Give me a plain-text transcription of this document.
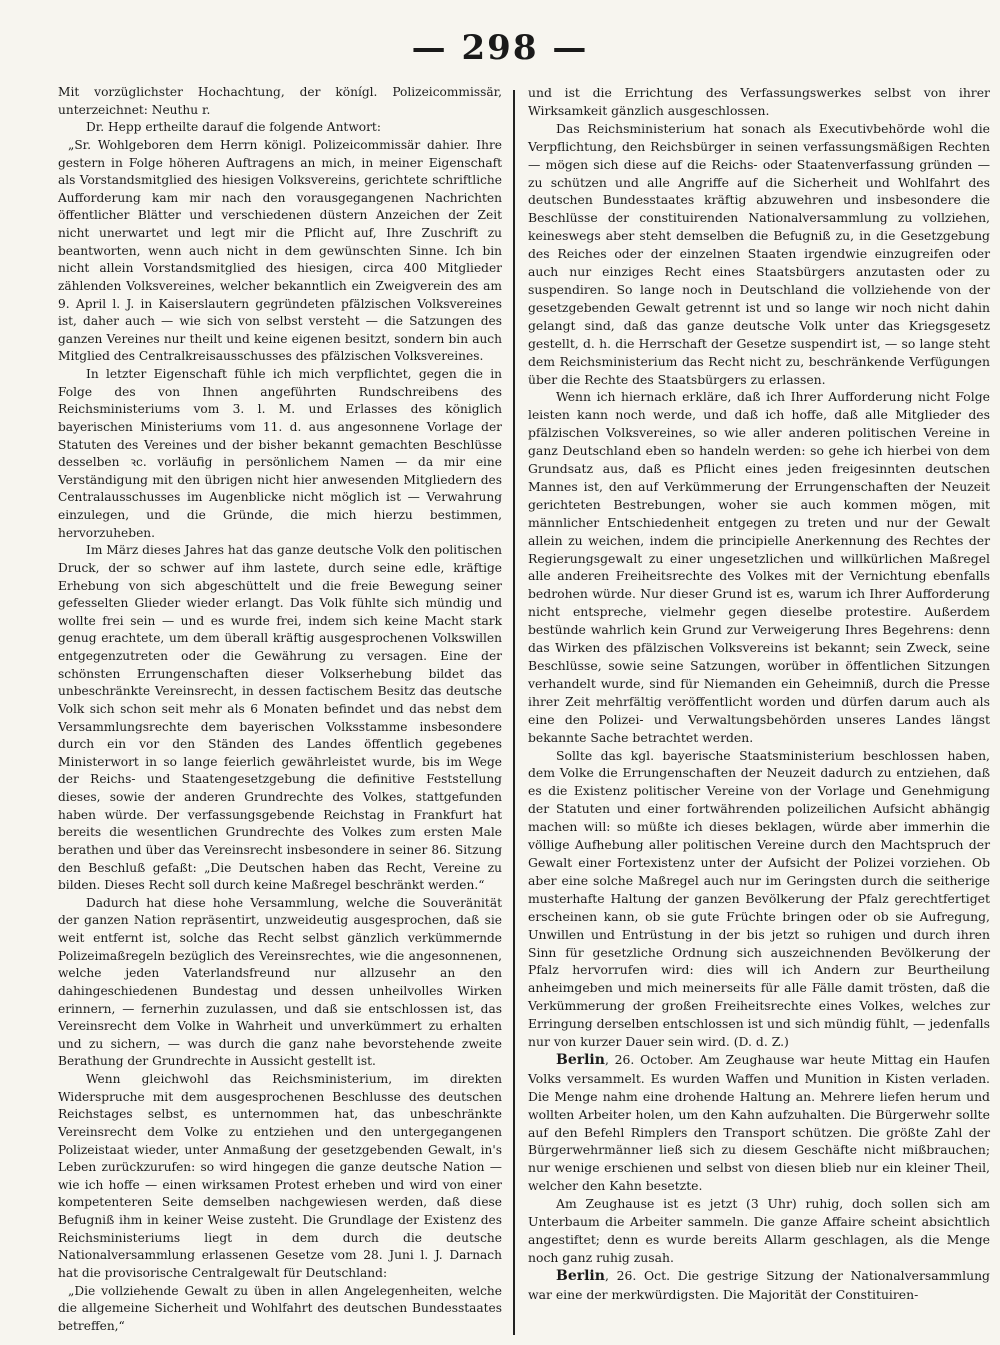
— 298 —

Mit vorzüglichster Hochachtung, der könígl. Polizeicommissär, unterzeichnet: Neuthu r.

Dr. Hepp ertheilte darauf die folgende Antwort:

„Sr. Wohlgeboren dem Herrn königl. Polizeicommissär dahier. Ihre gestern in Folge höheren Auftragens an mich, in meiner Eigenschaft als Vorstandsmitglied des hiesigen Volksvereins, gerichtete schriftliche Aufforderung kam mir nach den vorausgegangenen Nachrichten öffentlicher Blätter und verschiedenen düstern Anzeichen der Zeit nicht unerwartet und legt mir die Pflicht auf, Ihre Zuschrift zu beantworten, wenn auch nicht in dem gewünschten Sinne. Ich bin nicht allein Vorstandsmitglied des hiesigen, circa 400 Mitglieder zählenden Volksvereines, welcher bekanntlich ein Zweigverein des am 9. April l. J. in Kaiserslautern gegründeten pfälzischen Volksvereines ist, daher auch — wie sich von selbst versteht — die Satzungen des ganzen Vereines nur theilt und keine eigenen besitzt, sondern bin auch Mitglied des Centralkreisausschusses des pfälzischen Volksvereines.

In letzter Eigenschaft fühle ich mich verpflichtet, gegen die in Folge des von Ihnen angeführten Rundschreibens des Reichsministeriums vom 3. l. M. und Erlasses des königlich bayerischen Ministeriums vom 11. d. aus angesonnene Vorlage der Statuten des Vereines und der bisher bekannt gemachten Beschlüsse desselben ꝛc. vorläufig in persönlichem Namen — da mir eine Verständigung mit den übrigen nicht hier anwesenden Mitgliedern des Centralausschusses im Augenblicke nicht möglich ist — Verwahrung einzulegen, und die Gründe, die mich hierzu bestimmen, hervorzuheben.

Im März dieses Jahres hat das ganze deutsche Volk den politischen Druck, der so schwer auf ihm lastete, durch seine edle, kräftige Erhebung von sich abgeschüttelt und die freie Bewegung seiner gefesselten Glieder wieder erlangt. Das Volk fühlte sich mündig und wollte frei sein — und es wurde frei, indem sich keine Macht stark genug erachtete, um dem überall kräftig ausgesprochenen Volkswillen entgegenzutreten oder die Gewährung zu versagen. Eine der schönsten Errungenschaften dieser Volkserhebung bildet das unbeschränkte Vereinsrecht, in dessen factischem Besitz das deutsche Volk sich schon seit mehr als 6 Monaten befindet und das nebst dem Versammlungsrechte dem bayerischen Volksstamme insbesondere durch ein vor den Ständen des Landes öffentlich gegebenes Ministerwort in so lange feierlich gewährleistet wurde, bis im Wege der Reichs- und Staatengesetzgebung die definitive Feststellung dieses, sowie der anderen Grundrechte des Volkes, stattgefunden haben würde. Der verfassungsgebende Reichstag in Frankfurt hat bereits die wesentlichen Grundrechte des Volkes zum ersten Male berathen und über das Vereinsrecht insbesondere in seiner 86. Sitzung den Beschluß gefaßt: „Die Deutschen haben das Recht, Vereine zu bilden. Dieses Recht soll durch keine Maßregel beschränkt werden.“

Dadurch hat diese hohe Versammlung, welche die Souveränität der ganzen Nation repräsentirt, unzweideutig ausgesprochen, daß sie weit entfernt ist, solche das Recht selbst gänzlich verkümmernde Polizeimaßregeln bezüglich des Vereinsrechtes, wie die angesonnenen, welche jeden Vaterlandsfreund nur allzusehr an den dahingeschiedenen Bundestag und dessen unheilvolles Wirken erinnern, — fernerhin zuzulassen, und daß sie entschlossen ist, das Vereinsrecht dem Volke in Wahrheit und unverkümmert zu erhalten und zu sichern, — was durch die ganz nahe bevorstehende zweite Berathung der Grundrechte in Aussicht gestellt ist.

Wenn gleichwohl das Reichsministerium, im direkten Widerspruche mit dem ausgesprochenen Beschlusse des deutschen Reichstages selbst, es unternommen hat, das unbeschränkte Vereinsrecht dem Volke zu entziehen und den untergegangenen Polizeistaat wieder, unter Anmaßung der gesetzgebenden Gewalt, in's Leben zurückzurufen: so wird hingegen die ganze deutsche Nation — wie ich hoffe — einen wirksamen Protest erheben und wird von einer kompetenteren Seite demselben nachgewiesen werden, daß diese Befugniß ihm in keiner Weise zusteht. Die Grundlage der Existenz des Reichsministeriums liegt in dem durch die deutsche Nationalversammlung erlassenen Gesetze vom 28. Juni l. J. Darnach hat die provisorische Centralgewalt für Deutschland:

„Die vollziehende Gewalt zu üben in allen Angelegenheiten, welche die allgemeine Sicherheit und Wohlfahrt des deutschen Bundesstaates betreffen,“

und ist die Errichtung des Verfassungswerkes selbst von ihrer Wirksamkeit gänzlich ausgeschlossen.

Das Reichsministerium hat sonach als Executivbehörde wohl die Verpflichtung, den Reichsbürger in seinen verfassungsmäßigen Rechten — mögen sich diese auf die Reichs- oder Staatenverfassung gründen — zu schützen und alle Angriffe auf die Sicherheit und Wohlfahrt des deutschen Bundesstaates kräftig abzuwehren und insbesondere die Beschlüsse der constituirenden Nationalversammlung zu vollziehen, keineswegs aber steht demselben die Befugniß zu, in die Gesetzgebung des Reiches oder der einzelnen Staaten irgendwie einzugreifen oder auch nur einziges Recht eines Staatsbürgers anzutasten oder zu suspendiren. So lange noch in Deutschland die vollziehende von der gesetzgebenden Gewalt getrennt ist und so lange wir noch nicht dahin gelangt sind, daß das ganze deutsche Volk unter das Kriegsgesetz gestellt, d. h. die Herrschaft der Gesetze suspendirt ist, — so lange steht dem Reichsministerium das Recht nicht zu, beschränkende Verfügungen über die Rechte des Staatsbürgers zu erlassen.

Wenn ich hiernach erkläre, daß ich Ihrer Aufforderung nicht Folge leisten kann noch werde, und daß ich hoffe, daß alle Mitglieder des pfälzischen Volksvereines, so wie aller anderen politischen Vereine in ganz Deutschland eben so handeln werden: so gehe ich hierbei von dem Grundsatz aus, daß es Pflicht eines jeden freigesinnten deutschen Mannes ist, den auf Verkümmerung der Errungenschaften der Neuzeit gerichteten Bestrebungen, woher sie auch kommen mögen, mit männlicher Entschiedenheit entgegen zu treten und nur der Gewalt allein zu weichen, indem die principielle Anerkennung des Rechtes der Regierungsgewalt zu einer ungesetzlichen und willkürlichen Maßregel alle anderen Freiheitsrechte des Volkes mit der Vernichtung ebenfalls bedrohen würde. Nur dieser Grund ist es, warum ich Ihrer Aufforderung nicht entspreche, vielmehr gegen dieselbe protestire. Außerdem bestünde wahrlich kein Grund zur Verweigerung Ihres Begehrens: denn das Wirken des pfälzischen Volksvereins ist bekannt; sein Zweck, seine Beschlüsse, sowie seine Satzungen, worüber in öffentlichen Sitzungen verhandelt wurde, sind für Niemanden ein Geheimniß, durch die Presse ihrer Zeit mehrfältig veröffentlicht worden und dürfen darum auch als eine den Polizei- und Verwaltungsbehörden unseres Landes längst bekannte Sache betrachtet werden.

Sollte das kgl. bayerische Staatsministerium beschlossen haben, dem Volke die Errungenschaften der Neuzeit dadurch zu entziehen, daß es die Existenz politischer Vereine von der Vorlage und Genehmigung der Statuten und einer fortwährenden polizeilichen Aufsicht abhängig machen will: so müßte ich dieses beklagen, würde aber immerhin die völlige Aufhebung aller politischen Vereine durch den Machtspruch der Gewalt einer Fortexistenz unter der Aufsicht der Polizei vorziehen. Ob aber eine solche Maßregel auch nur im Geringsten durch die seitherige musterhafte Haltung der ganzen Bevölkerung der Pfalz gerechtfertiget erscheinen kann, ob sie gute Früchte bringen oder ob sie Aufregung, Unwillen und Entrüstung in der bis jetzt so ruhigen und durch ihren Sinn für gesetzliche Ordnung sich auszeichnenden Bevölkerung der Pfalz hervorrufen wird: dies will ich Andern zur Beurtheilung anheimgeben und mich meinerseits für alle Fälle damit trösten, daß die Verkümmerung der großen Freiheitsrechte eines Volkes, welches zur Erringung derselben entschlossen ist und sich mündig fühlt, — jedenfalls nur von kurzer Dauer sein wird. (D. d. Z.)

Berlin, 26. October. Am Zeughause war heute Mittag ein Haufen Volks versammelt. Es wurden Waffen und Munition in Kisten verladen. Die Menge nahm eine drohende Haltung an. Mehrere liefen herum und wollten Arbeiter holen, um den Kahn aufzuhalten. Die Bürgerwehr sollte auf den Befehl Rimplers den Transport schützen. Die größte Zahl der Bürgerwehrmänner ließ sich zu diesem Geschäfte nicht mißbrauchen; nur wenige erschienen und selbst von diesen blieb nur ein kleiner Theil, welcher den Kahn besetzte.

Am Zeughause ist es jetzt (3 Uhr) ruhig, doch sollen sich am Unterbaum die Arbeiter sammeln. Die ganze Affaire scheint absichtlich angestiftet; denn es wurde bereits Allarm geschlagen, als die Menge noch ganz ruhig zusah.

Berlin, 26. Oct. Die gestrige Sitzung der Nationalversammlung war eine der merkwürdigsten. Die Majorität der Constituiren-
